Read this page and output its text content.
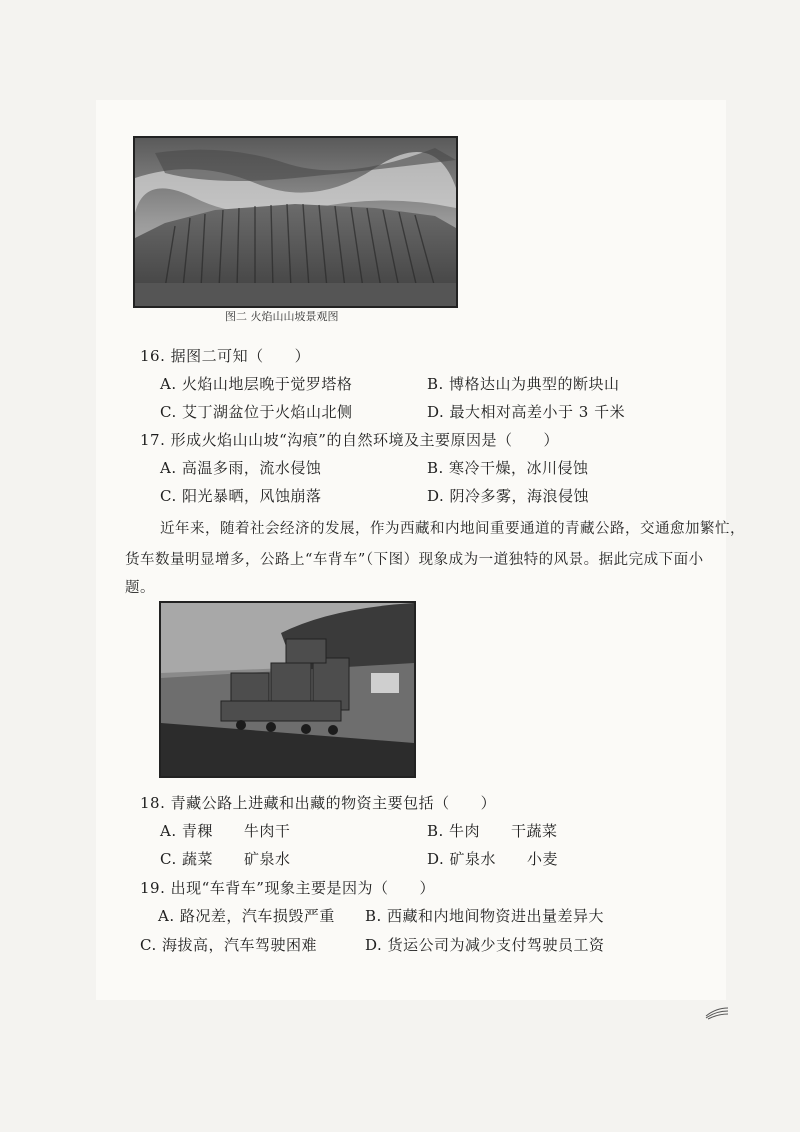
图二 火焰山山坡景观图
16. 据图二可知（　　）
A. 火焰山地层晚于觉罗塔格	B. 博格达山为典型的断块山
C. 艾丁湖盆位于火焰山北侧	D. 最大相对高差小于 3 千米
17. 形成火焰山山坡“沟痕”的自然环境及主要原因是（　　）
A. 高温多雨，流水侵蚀	B. 寒冷干燥，冰川侵蚀
C. 阳光暴晒，风蚀崩落	D. 阴冷多雾，海浪侵蚀
近年来，随着社会经济的发展，作为西藏和内地间重要通道的青藏公路，交通愈加繁忙，
货车数量明显增多，公路上“车背车”（下图）现象成为一道独特的风景。据此完成下面小
题。
18. 青藏公路上进藏和出藏的物资主要包括（　　）
A. 青稞　　牛肉干	B. 牛肉　　干蔬菜
C. 蔬菜　　矿泉水	D. 矿泉水　　小麦
19. 出现“车背车”现象主要是因为（　　）
A. 路况差，汽车损毁严重 B. 西藏和内地间物资进出量差异大
C. 海拔高，汽车驾驶困难	D. 货运公司为减少支付驾驶员工资
